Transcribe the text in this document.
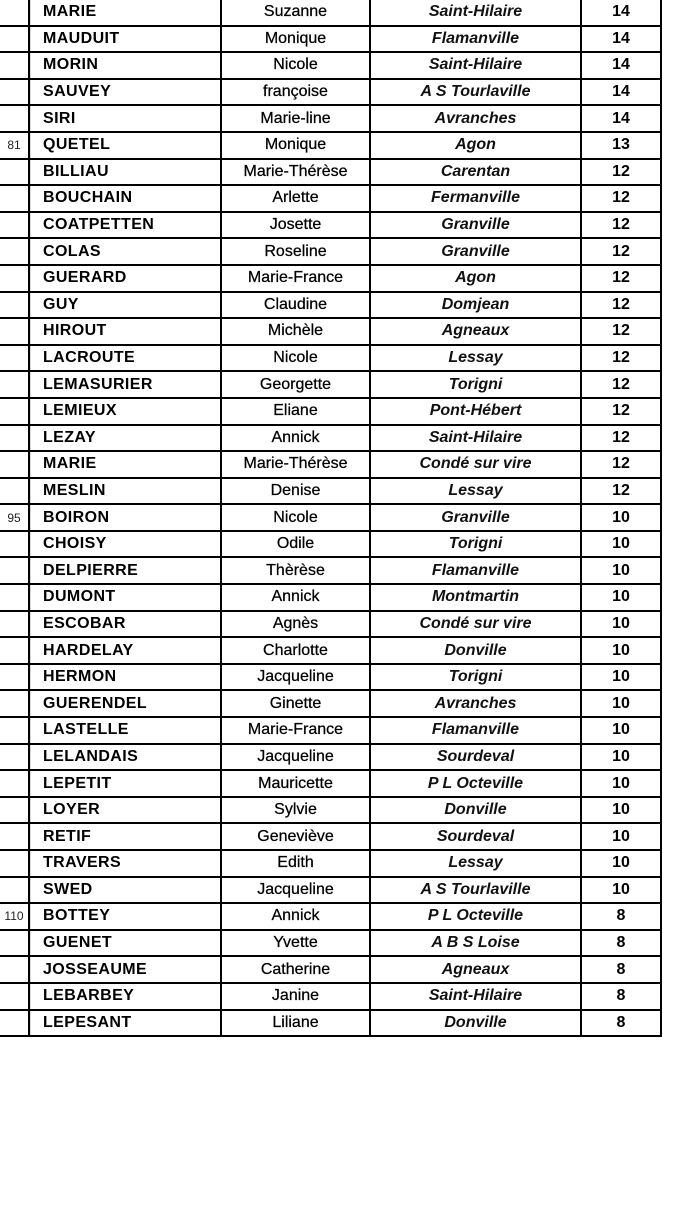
	MARIE	Suzanne	Saint-Hilaire	14
	MAUDUIT	Monique	Flamanville	14
	MORIN	Nicole	Saint-Hilaire	14
	SAUVEY	françoise	A S Tourlaville	14
	SIRI	Marie-line	Avranches	14
81	QUETEL	Monique	Agon	13
	BILLIAU	Marie-Thérèse	Carentan	12
	BOUCHAIN	Arlette	Fermanville	12
	COATPETTEN	Josette	Granville	12
	COLAS	Roseline	Granville	12
	GUERARD	Marie-France	Agon	12
	GUY	Claudine	Domjean	12
	HIROUT	Michèle	Agneaux	12
	LACROUTE	Nicole	Lessay	12
	LEMASURIER	Georgette	Torigni	12
	LEMIEUX	Eliane	Pont-Hébert	12
	LEZAY	Annick	Saint-Hilaire	12
	MARIE	Marie-Thérèse	Condé sur vire	12
	MESLIN	Denise	Lessay	12
95	BOIRON	Nicole	Granville	10
	CHOISY	Odile	Torigni	10
	DELPIERRE	Thèrèse	Flamanville	10
	DUMONT	Annick	Montmartin	10
	ESCOBAR	Agnès	Condé sur vire	10
	HARDELAY	Charlotte	Donville	10
	HERMON	Jacqueline	Torigni	10
	GUERENDEL	Ginette	Avranches	10
	LASTELLE	Marie-France	Flamanville	10
	LELANDAIS	Jacqueline	Sourdeval	10
	LEPETIT	Mauricette	P L Octeville	10
	LOYER	Sylvie	Donville	10
	RETIF	Geneviève	Sourdeval	10
	TRAVERS	Edith	Lessay	10
	SWED	Jacqueline	A S Tourlaville	10
110	BOTTEY	Annick	P L Octeville	8
	GUENET	Yvette	A B S Loise	8
	JOSSEAUME	Catherine	Agneaux	8
	LEBARBEY	Janine	Saint-Hilaire	8
	LEPESANT	Liliane	Donville	8
